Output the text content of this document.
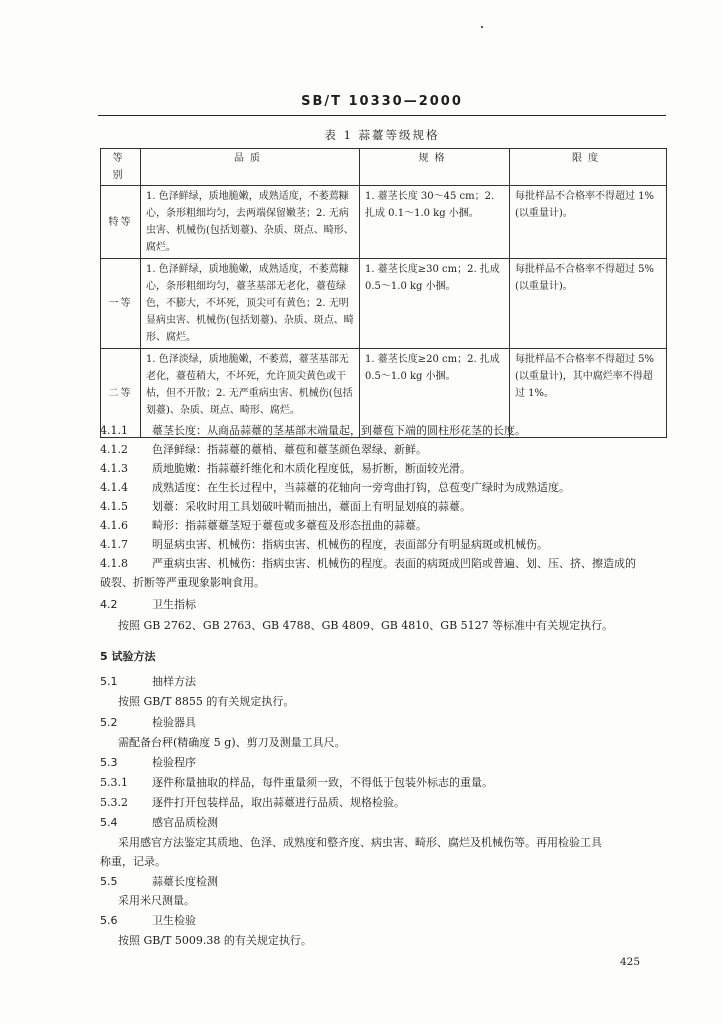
SB/T 10330—2000
表 1 蒜薹等级规格
等别	品质	规格	限度
特等	1. 色泽鲜绿，质地脆嫩，成熟适度，不萎蔫糠心，条形粗细均匀，去两端保留嫩茎；2. 无病虫害、机械伤(包括划薹)、杂质、斑点、畸形、腐烂。	1. 薹茎长度 30～45 cm；2. 扎成 0.1～1.0 kg 小捆。	每批样品不合格率不得超过 1%(以重量计)。
一等	1. 色泽鲜绿，质地脆嫩，成熟适度，不萎蔫糠心，条形粗细均匀，薹茎基部无老化，薹苞绿色，不膨大，不坏死，顶尖可有黄色；2. 无明显病虫害、机械伤(包括划薹)、杂质、斑点、畸形、腐烂。	1. 薹茎长度≥30 cm；2. 扎成 0.5～1.0 kg 小捆。	每批样品不合格率不得超过 5%(以重量计)。
二等	1. 色泽淡绿，质地脆嫩，不萎蔫，薹茎基部无老化，薹苞稍大，不坏死，允许顶尖黄色或干枯，但不开散；2. 无严重病虫害、机械伤(包括划薹)、杂质、斑点、畸形、腐烂。	1. 薹茎长度≥20 cm；2. 扎成 0.5～1.0 kg 小捆。	每批样品不合格率不得超过 5%(以重量计)，其中腐烂率不得超过 1%。
4.1.1 薹茎长度：从商品蒜薹的茎基部末端量起，到薹苞下端的圆柱形花茎的长度。
4.1.2 色泽鲜绿：指蒜薹的薹梢、薹苞和薹茎颜色翠绿、新鲜。
4.1.3 质地脆嫩：指蒜薹纤维化和木质化程度低，易折断，断面较光滑。
4.1.4 成熟适度：在生长过程中，当蒜薹的花轴向一旁弯曲打钩，总苞变广绿时为成熟适度。
4.1.5 划薹：采收时用工具划破叶鞘而抽出，薹面上有明显划痕的蒜薹。
4.1.6 畸形：指蒜薹薹茎短于薹苞或多薹苞及形态扭曲的蒜薹。
4.1.7 明显病虫害、机械伤：指病虫害、机械伤的程度，表面部分有明显病斑或机械伤。
4.1.8 严重病虫害、机械伤：指病虫害、机械伤的程度。表面的病斑成凹陷或普遍、划、压、挤、擦造成的
破裂、折断等严重现象影响食用。
4.2	卫生指标
按照 GB 2762、GB 2763、GB 4788、GB 4809、GB 4810、GB 5127 等标准中有关规定执行。
5 试验方法
5.1	抽样方法
按照 GB/T 8855 的有关规定执行。
5.2	检验器具
需配备台秤(精确度 5 g)、剪刀及测量工具尺。
5.3	检验程序
5.3.1 逐件称量抽取的样品，每件重量须一致，不得低于包装外标志的重量。
5.3.2 逐件打开包装样品，取出蒜薹进行品质、规格检验。
5.4	感官品质检测
采用感官方法鉴定其质地、色泽、成熟度和整齐度、病虫害、畸形、腐烂及机械伤等。再用检验工具
称重，记录。
5.5	蒜薹长度检测
采用米尺测量。
5.6	卫生检验
按照 GB/T 5009.38 的有关规定执行。
425
